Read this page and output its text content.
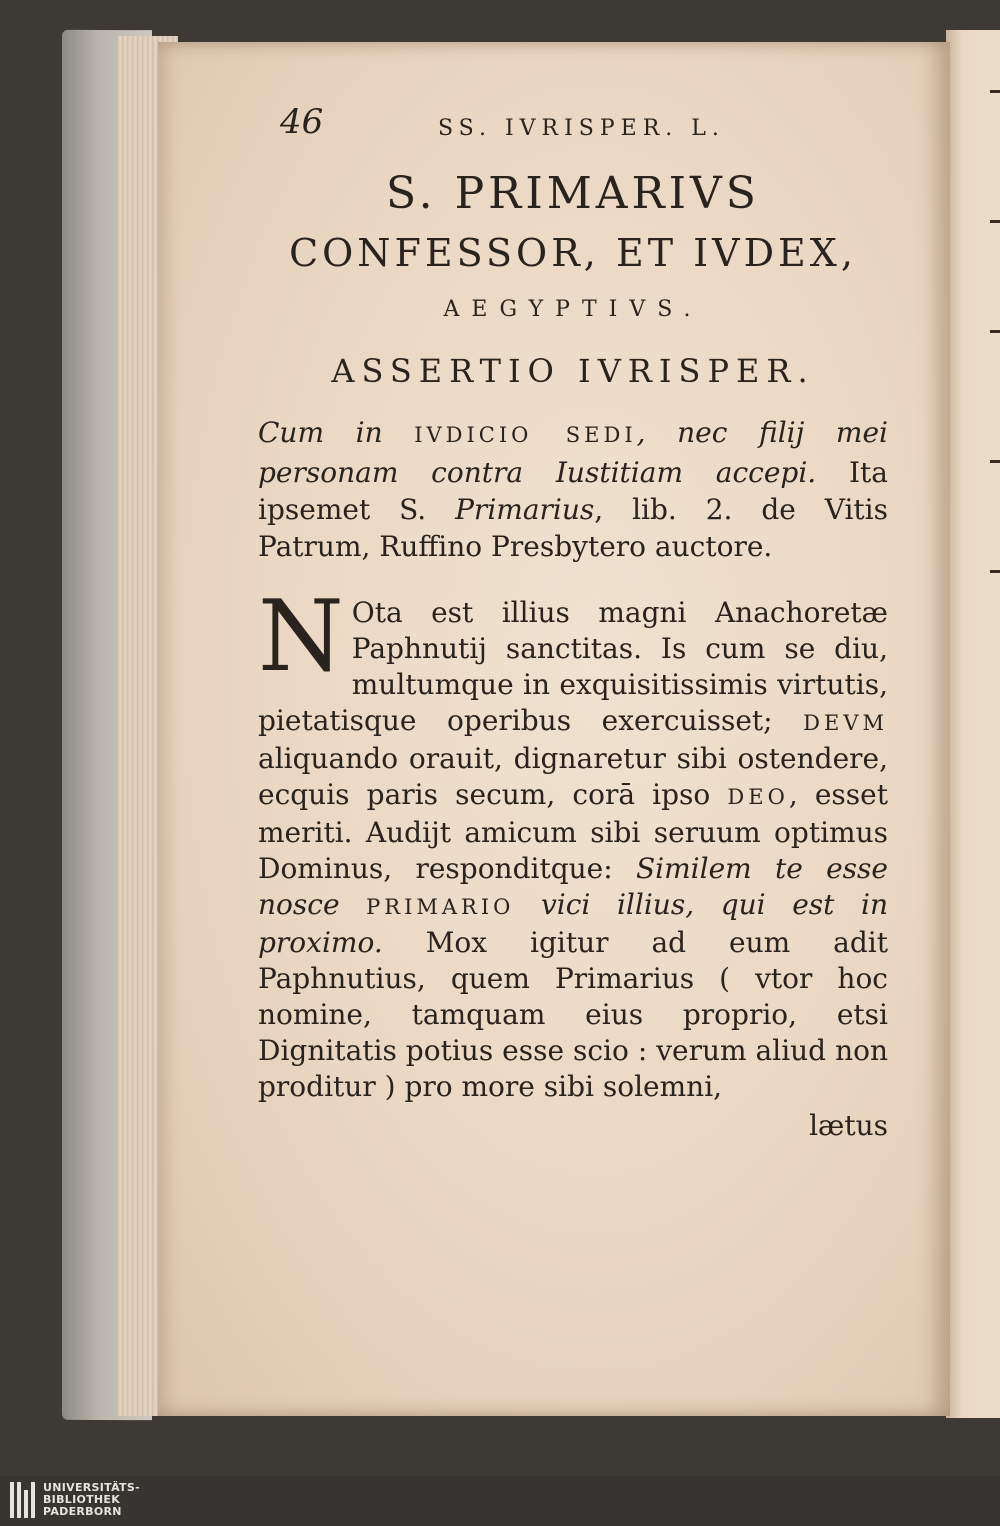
46	SS. IVRISPER. L.
S. PRIMARIVS
CONFESSOR, ET IVDEX,
AEGYPTIVS.
ASSERTIO IVRISPER.
Cum in IVDICIO SEDI, nec filij mei personam contra Iustitiam accepi. Ita ipsemet S. Primarius, lib. 2. de Vitis Patrum, Ruffino Presbytero auctore.
N Ota est illius magni Anachoretæ Paphnutij sanctitas. Is cum se diu, multumque in exquisitissimis virtutis, pietatisque operibus exercuisset; DEVM aliquando orauit, dignaretur sibi ostendere, ecquis paris secum, corā ipso DEO, esset meriti. Audijt amicum sibi seruum optimus Dominus, responditque: Similem te esse nosce PRIMARIO vici illius, qui est in proximo. Mox igitur ad eum adit Paphnutius, quem Primarius ( vtor hoc nomine, tamquam eius proprio, etsi Dignitatis potius esse scio : verum aliud non proditur ) pro more sibi solemni,
lætus
UNIVERSITÄTS-
BIBLIOTHEK
PADERBORN
